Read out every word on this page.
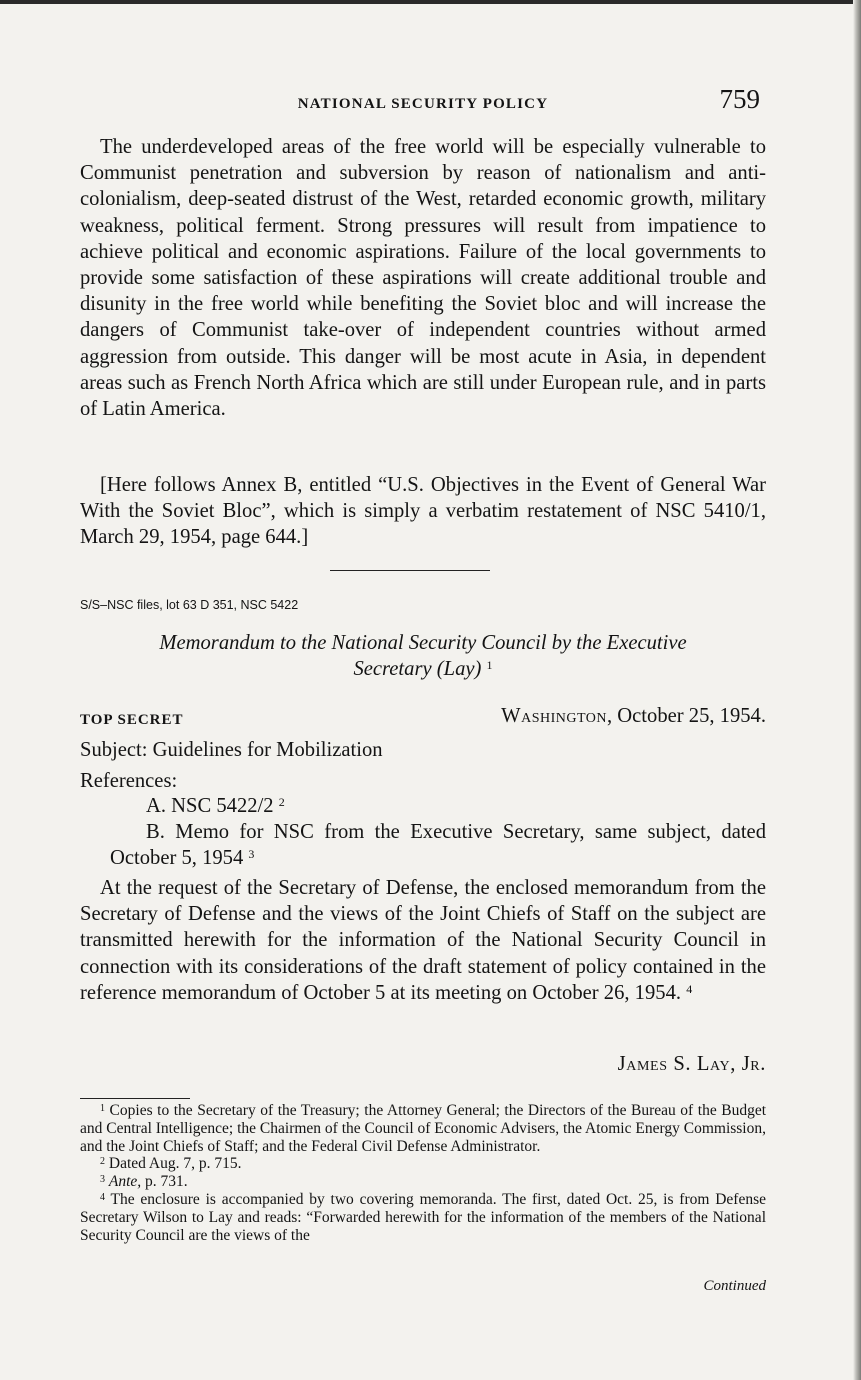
NATIONAL SECURITY POLICY	759

The underdeveloped areas of the free world will be especially vulnerable to Communist penetration and subversion by reason of nationalism and anti-colonialism, deep-seated distrust of the West, retarded economic growth, military weakness, political ferment. Strong pressures will result from impatience to achieve political and economic aspirations. Failure of the local governments to provide some satisfaction of these aspirations will create additional trouble and disunity in the free world while benefiting the Soviet bloc and will increase the dangers of Communist take-over of independent countries without armed aggression from outside. This danger will be most acute in Asia, in dependent areas such as French North Africa which are still under European rule, and in parts of Latin America.

[Here follows Annex B, entitled “U.S. Objectives in the Event of General War With the Soviet Bloc”, which is simply a verbatim restatement of NSC 5410/1, March 29, 1954, page 644.]

S/S–NSC files, lot 63 D 351, NSC 5422
Memorandum to the National Security Council by the Executive
Secretary (Lay) $^1$
TOP SECRET	Washington, October 25, 1954.
Subject: Guidelines for Mobilization
References:
A. NSC 5422/2 $^2$
B. Memo for NSC from the Executive Secretary, same subject, dated October 5, 1954 $^3$

At the request of the Secretary of Defense, the enclosed memorandum from the Secretary of Defense and the views of the Joint Chiefs of Staff on the subject are transmitted herewith for the information of the National Security Council in connection with its considerations of the draft statement of policy contained in the reference memorandum of October 5 at its meeting on October 26, 1954. $^4$

James S. Lay, Jr.

$^1$ Copies to the Secretary of the Treasury; the Attorney General; the Directors of the Bureau of the Budget and Central Intelligence; the Chairmen of the Council of Economic Advisers, the Atomic Energy Commission, and the Joint Chiefs of Staff; and the Federal Civil Defense Administrator.

$^2$ Dated Aug. 7, p. 715.

$^3$ Ante, p. 731.

$^4$ The enclosure is accompanied by two covering memoranda. The first, dated Oct. 25, is from Defense Secretary Wilson to Lay and reads: “Forwarded herewith for the information of the members of the National Security Council are the views of the

Continued
